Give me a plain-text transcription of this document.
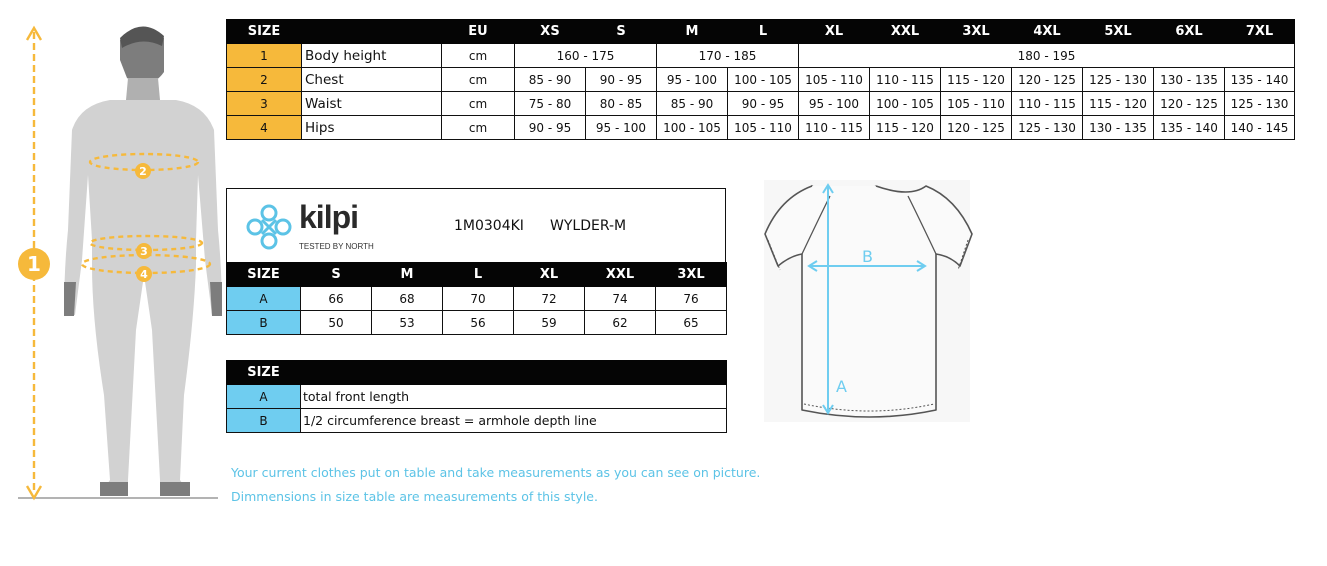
1
2
3
4
SIZE		EU	XS	S	M	L	XL	XXL	3XL	4XL	5XL	6XL	7XL
1	Body height	cm	160 - 175		170 - 185		180 - 195						
2	Chest	cm	85 - 90	90 - 95	95 - 100	100 - 105	105 - 110	110 - 115	115 - 120	120 - 125	125 - 130	130 - 135	135 - 140
3	Waist	cm	75 - 80	80 - 85	85 - 90	90 - 95	95 - 100	100 - 105	105 - 110	110 - 115	115 - 120	120 - 125	125 - 130
4	Hips	cm	90 - 95	95 - 100	100 - 105	105 - 110	110 - 115	115 - 120	120 - 125	125 - 130	130 - 135	135 - 140	140 - 145
kilpi
TESTED BY NORTH
1M0304KI WYLDER-M
SIZE	S	M	L	XL	XXL	3XL
A	66	68	70	72	74	76
B	50	53	56	59	62	65
SIZE	
A	total front length
B	1/2 circumference breast = armhole depth line
Your current clothes put on table and take measurements as you can see on picture.
Dimmensions in size table are measurements of this style.
A
B
